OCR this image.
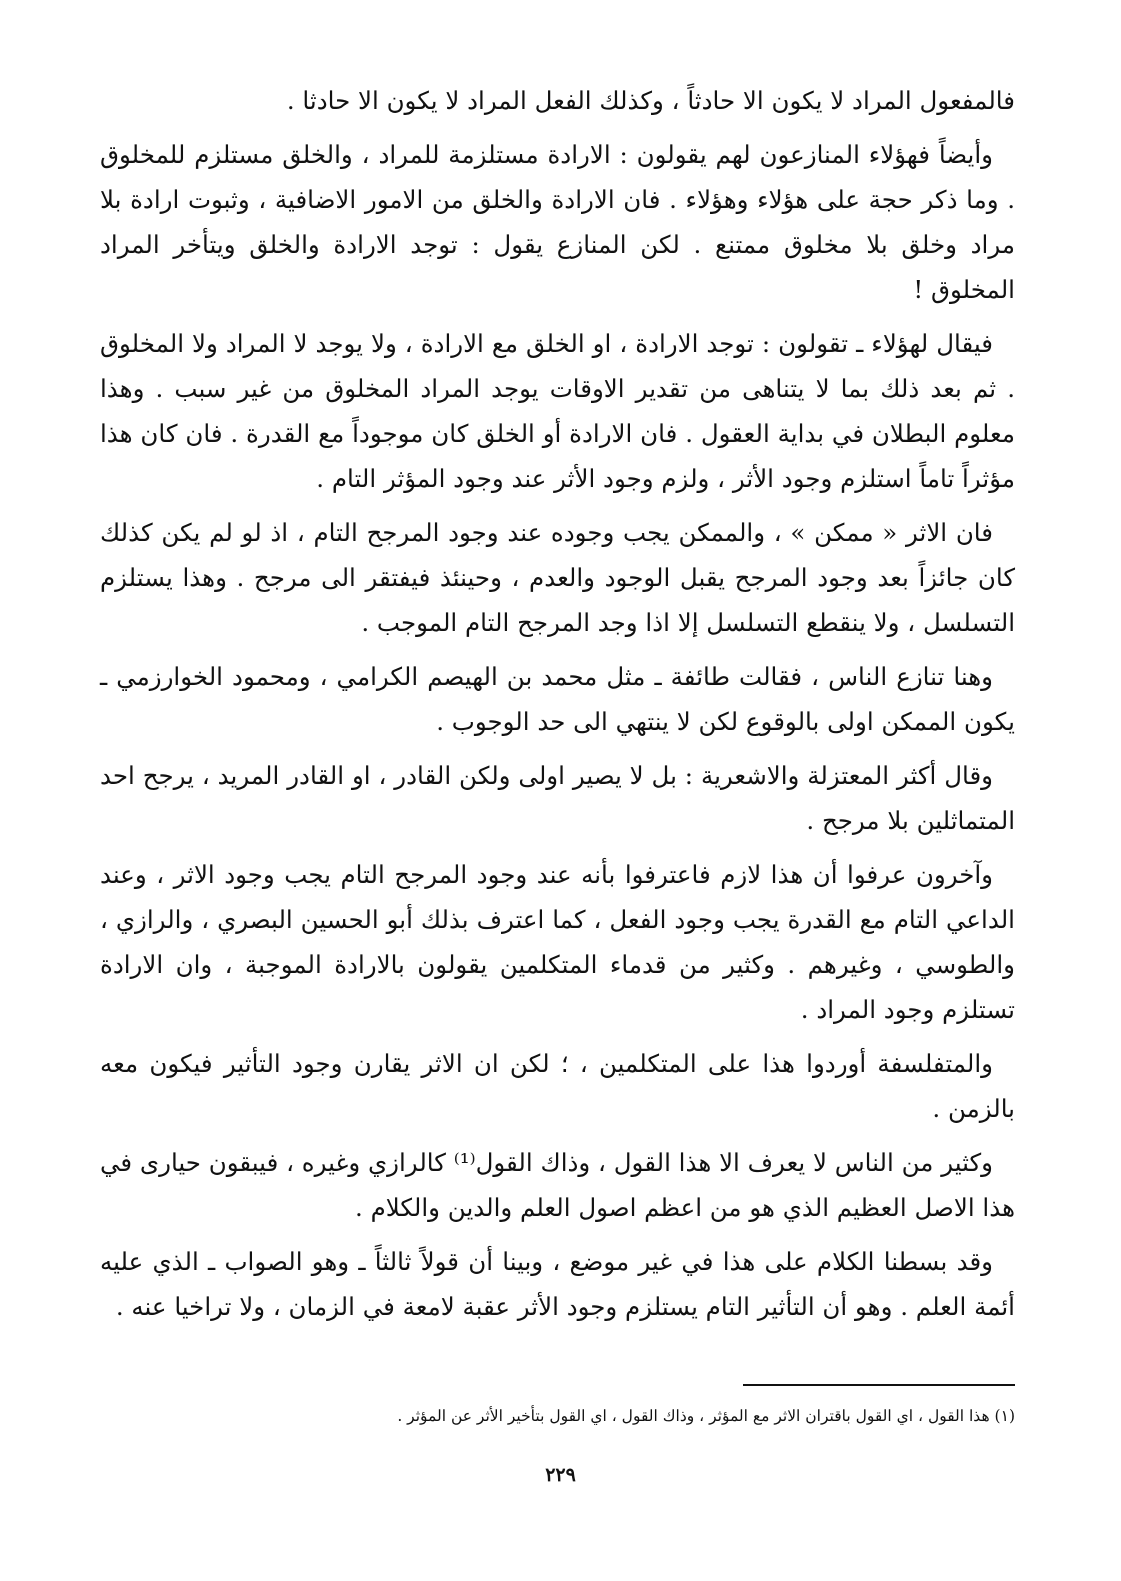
فالمفعول المراد لا يكون الا حادثاً ، وكذلك الفعل المراد لا يكون الا حادثا .

وأيضاً فهؤلاء المنازعون لهم يقولون : الارادة مستلزمة للمراد ، والخلق مستلزم للمخلوق . وما ذكر حجة على هؤلاء وهؤلاء . فان الارادة والخلق من الامور الاضافية ، وثبوت ارادة بلا مراد وخلق بلا مخلوق ممتنع . لكن المنازع يقول : توجد الارادة والخلق ويتأخر المراد المخلوق !

فيقال لهؤلاء ـ تقولون : توجد الارادة ، او الخلق مع الارادة ، ولا يوجد لا المراد ولا المخلوق . ثم بعد ذلك بما لا يتناهى من تقدير الاوقات يوجد المراد المخلوق من غير سبب . وهذا معلوم البطلان في بداية العقول . فان الارادة أو الخلق كان موجوداً مع القدرة . فان كان هذا مؤثراً تاماً استلزم وجود الأثر ، ولزم وجود الأثر عند وجود المؤثر التام .

فان الاثر « ممكن » ، والممكن يجب وجوده عند وجود المرجح التام ، اذ لو لم يكن كذلك كان جائزاً بعد وجود المرجح يقبل الوجود والعدم ، وحينئذ فيفتقر الى مرجح . وهذا يستلزم التسلسل ، ولا ينقطع التسلسل إلا اذا وجد المرجح التام الموجب .

وهنا تنازع الناس ، فقالت طائفة ـ مثل محمد بن الهيصم الكرامي ، ومحمود الخوارزمي ـ يكون الممكن اولى بالوقوع لكن لا ينتهي الى حد الوجوب .

وقال أكثر المعتزلة والاشعرية : بل لا يصير اولى ولكن القادر ، او القادر المريد ، يرجح احد المتماثلين بلا مرجح .

وآخرون عرفوا أن هذا لازم فاعترفوا بأنه عند وجود المرجح التام يجب وجود الاثر ، وعند الداعي التام مع القدرة يجب وجود الفعل ، كما اعترف بذلك أبو الحسين البصري ، والرازي ، والطوسي ، وغيرهم . وكثير من قدماء المتكلمين يقولون بالارادة الموجبة ، وان الارادة تستلزم وجود المراد .

والمتفلسفة أوردوا هذا على المتكلمين ، ؛ لكن ان الاثر يقارن وجود التأثير فيكون معه بالزمن .

وكثير من الناس لا يعرف الا هذا القول ، وذاك القول⁽¹⁾ كالرازي وغيره ، فيبقون حيارى في هذا الاصل العظيم الذي هو من اعظم اصول العلم والدين والكلام .

وقد بسطنا الكلام على هذا في غير موضع ، وبينا أن قولاً ثالثاً ـ وهو الصواب ـ الذي عليه أئمة العلم . وهو أن التأثير التام يستلزم وجود الأثر عقبة لامعة في الزمان ، ولا تراخيا عنه .

(١) هذا القول ، اي القول باقتران الاثر مع المؤثر ، وذاك القول ، اي القول بتأخير الأثر عن المؤثر .
٢٢٩
